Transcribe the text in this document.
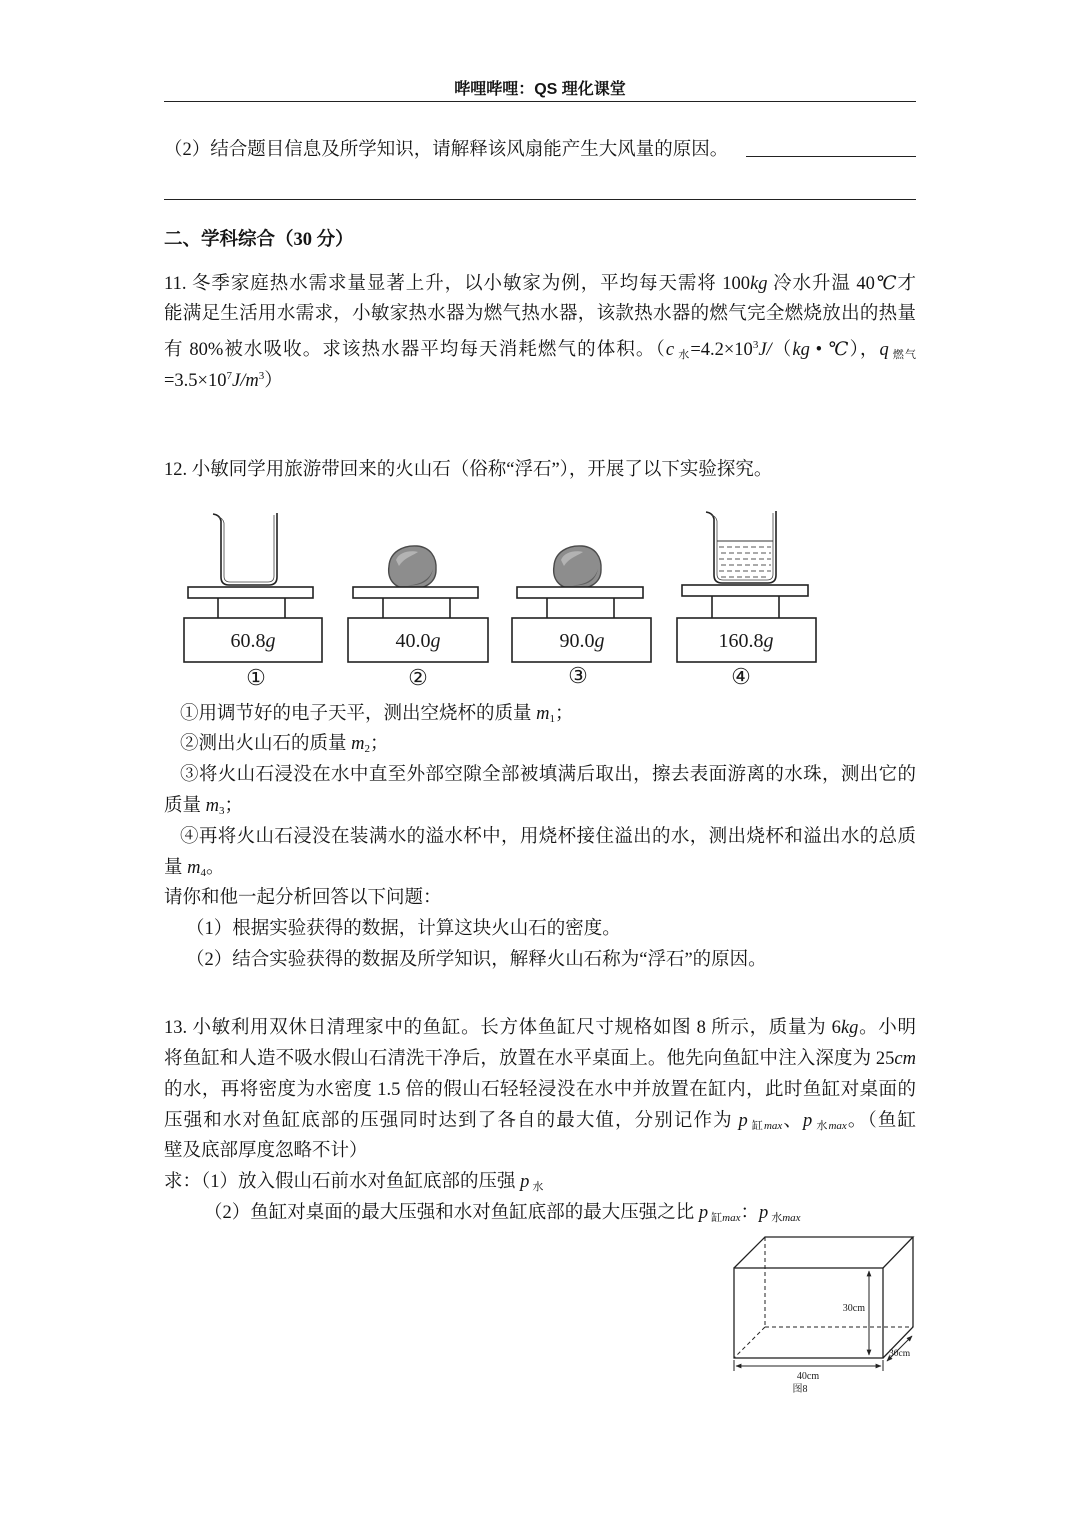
哔哩哔哩：QS 理化课堂
（2）结合题目信息及所学知识，请解释该风扇能产生大风量的原因。
二、学科综合（30 分）
11. 冬季家庭热水需求量显著上升，以小敏家为例，平均每天需将 100kg 冷水升温 40℃才
能满足生活用水需求，小敏家热水器为燃气热水器，该款热水器的燃气完全燃烧放出的热量
有 80%被水吸收。求该热水器平均每天消耗燃气的体积。（c $_水=4.2\times 10^3J/(kg$ • ℃），q $_{燃气}$
$=3.5\times 10^7J/m^3$）
12. 小敏同学用旅游带回来的火山石（俗称“浮石”），开展了以下实验探究。
60.8g
①
40.0g
②
90.0g
③
160.8g
④
①用调节好的电子天平，测出空烧杯的质量 $m_1$；
②测出火山石的质量 $m_2$；
③将火山石浸没在水中直至外部空隙全部被填满后取出，擦去表面游离的水珠，测出它的
质量 $m_3$；
④再将火山石浸没在装满水的溢水杯中，用烧杯接住溢出的水，测出烧杯和溢出水的总质
量 $m_4$。
请你和他一起分析回答以下问题：
（1）根据实验获得的数据，计算这块火山石的密度。
（2）结合实验获得的数据及所学知识，解释火山石称为“浮石”的原因。
13. 小敏利用双休日清理家中的鱼缸。长方体鱼缸尺寸规格如图 8 所示，质量为 6kg。小明
将鱼缸和人造不吸水假山石清洗干净后，放置在水平桌面上。他先向鱼缸中注入深度为 25cm
的水，再将密度为水密度 1.5 倍的假山石轻轻浸没在水中并放置在缸内，此时鱼缸对桌面的
压强和水对鱼缸底部的压强同时达到了各自的最大值，分别记作为 p $_缸$max、p $_水$max。（鱼缸
壁及底部厚度忽略不计）
求：（1）放入假山石前水对鱼缸底部的压强 p $_水$
（2）鱼缸对桌面的最大压强和水对鱼缸底部的最大压强之比 p $_缸$max：p $_水$max
30cm
30cm
40cm
图8
